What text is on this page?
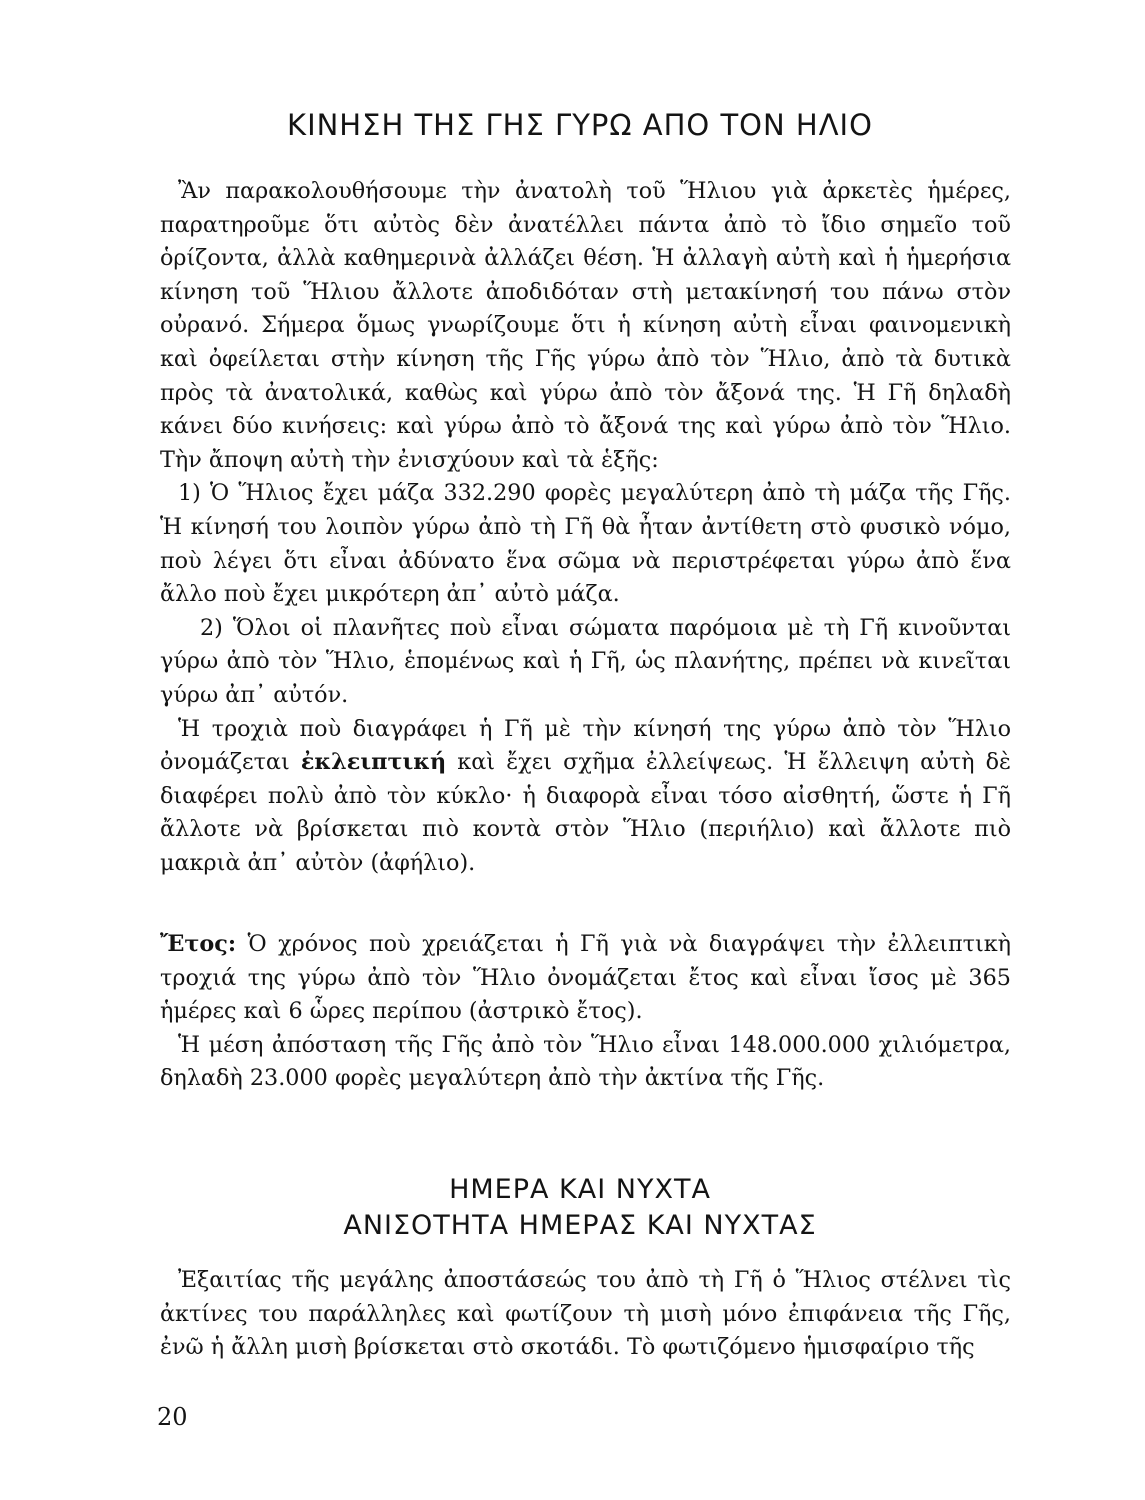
ΚΙΝΗΣΗ ΤΗΣ ΓΗΣ ΓΥΡΩ ΑΠΟ ΤΟΝ ΗΛΙΟ

Ἂν παρακολουθήσουμε τὴν ἀνατολὴ τοῦ Ἥλιου γιὰ ἀρκετὲς ἡμέρες, παρατηροῦμε ὅτι αὐτὸς δὲν ἀνατέλλει πάντα ἀπὸ τὸ ἴδιο σημεῖο τοῦ ὁρίζοντα, ἀλλὰ καθημερινὰ ἀλλάζει θέση. Ἡ ἀλλαγὴ αὐτὴ καὶ ἡ ἡμερήσια κίνηση τοῦ Ἥλιου ἄλλοτε ἀποδιδόταν στὴ μετακίνησή του πάνω στὸν οὐρανό. Σήμερα ὅμως γνωρίζουμε ὅτι ἡ κίνηση αὐτὴ εἶναι φαινομενικὴ καὶ ὀφείλεται στὴν κίνηση τῆς Γῆς γύρω ἀπὸ τὸν Ἥλιο, ἀπὸ τὰ δυτικὰ πρὸς τὰ ἀνατολικά, καθὼς καὶ γύρω ἀπὸ τὸν ἄξονά της. Ἡ Γῆ δηλαδὴ κάνει δύο κινήσεις: καὶ γύρω ἀπὸ τὸ ἄξονά της καὶ γύρω ἀπὸ τὸν Ἥλιο. Τὴν ἄποψη αὐτὴ τὴν ἐνισχύουν καὶ τὰ ἑξῆς:

1) Ὁ Ἥλιος ἔχει μάζα 332.290 φορὲς μεγαλύτερη ἀπὸ τὴ μάζα τῆς Γῆς. Ἡ κίνησή του λοιπὸν γύρω ἀπὸ τὴ Γῆ θὰ ἦταν ἀντίθετη στὸ φυσικὸ νόμο, ποὺ λέγει ὅτι εἶναι ἀδύνατο ἕνα σῶμα νὰ περιστρέφεται γύρω ἀπὸ ἕνα ἄλλο ποὺ ἔχει μικρότερη ἀπ᾿ αὐτὸ μάζα.

2) Ὅλοι οἱ πλανῆτες ποὺ εἶναι σώματα παρόμοια μὲ τὴ Γῆ κινοῦνται γύρω ἀπὸ τὸν Ἥλιο, ἑπομένως καὶ ἡ Γῆ, ὡς πλανήτης, πρέπει νὰ κινεῖται γύρω ἀπ᾿ αὐτόν.

Ἡ τροχιὰ ποὺ διαγράφει ἡ Γῆ μὲ τὴν κίνησή της γύρω ἀπὸ τὸν Ἥλιο ὀνομάζεται ἐκλειπτική καὶ ἔχει σχῆμα ἐλλείψεως. Ἡ ἔλλειψη αὐτὴ δὲ διαφέρει πολὺ ἀπὸ τὸν κύκλο· ἡ διαφορὰ εἶναι τόσο αἰσθητή, ὥστε ἡ Γῆ ἄλλοτε νὰ βρίσκεται πιὸ κοντὰ στὸν Ἥλιο (περιήλιο) καὶ ἄλλοτε πιὸ μακριὰ ἀπ᾿ αὐτὸν (ἀφήλιο).

Ἔτος: Ὁ χρόνος ποὺ χρειάζεται ἡ Γῆ γιὰ νὰ διαγράψει τὴν ἐλλειπτικὴ τροχιά της γύρω ἀπὸ τὸν Ἥλιο ὀνομάζεται ἔτος καὶ εἶναι ἴσος μὲ 365 ἡμέρες καὶ 6 ὧρες περίπου (ἀστρικὸ ἔτος).

Ἡ μέση ἀπόσταση τῆς Γῆς ἀπὸ τὸν Ἥλιο εἶναι 148.000.000 χιλιόμετρα, δηλαδὴ 23.000 φορὲς μεγαλύτερη ἀπὸ τὴν ἀκτίνα τῆς Γῆς.

ΗΜΕΡΑ ΚΑΙ ΝΥΧΤΑ
ΑΝΙΣΟΤΗΤΑ ΗΜΕΡΑΣ ΚΑΙ ΝΥΧΤΑΣ

Ἐξαιτίας τῆς μεγάλης ἀποστάσεώς του ἀπὸ τὴ Γῆ ὁ Ἥλιος στέλνει τὶς ἀκτίνες του παράλληλες καὶ φωτίζουν τὴ μισὴ μόνο ἐπιφάνεια τῆς Γῆς, ἐνῶ ἡ ἄλλη μισὴ βρίσκεται στὸ σκοτάδι. Τὸ φωτιζόμενο ἡμισφαίριο τῆς

20
